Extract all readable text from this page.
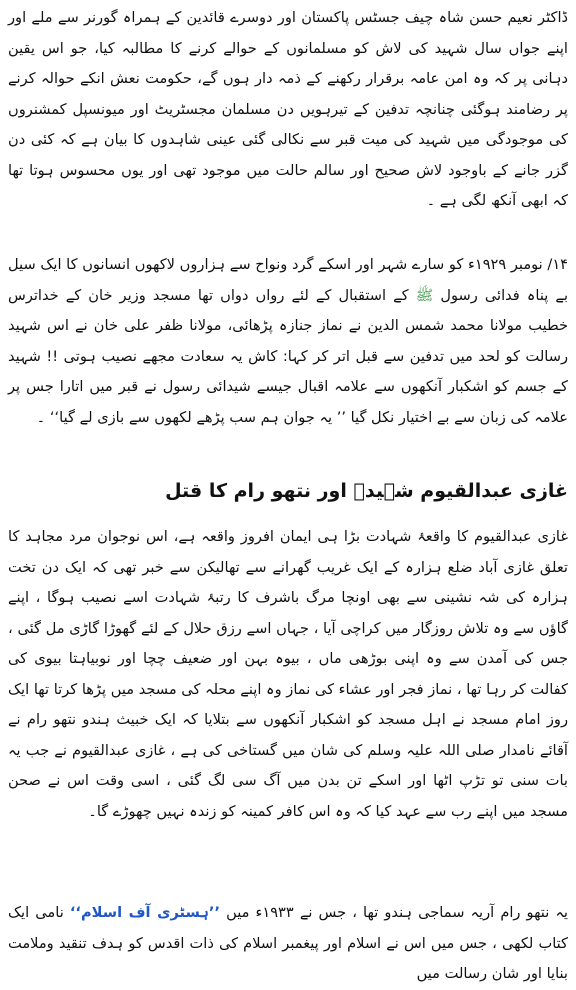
ڈاکٹر نعیم حسن شاہ چیف جسٹس پاکستان اور دوسرے قائدین کے ہمراہ گورنر سے ملے اور اپنے جواں سال شہید کی لاش کو مسلمانوں کے حوالے کرنے کا مطالبہ کیا، جو اس یقین دہانی پر کہ وہ امن عامہ برقرار رکھنے کے ذمہ دار ہوں گے، حکومت نعش انکے حوالہ کرنے پر رضامند ہوگئی چنانچہ تدفین کے تیرہویں دن مسلمان مجسٹریٹ اور میونسپل کمشنروں کی موجودگی میں شہید کی میت قبر سے نکالی گئی عینی شاہدوں کا بیان ہے کہ کئی دن گزر جانے کے باوجود لاش صحیح اور سالم حالت میں موجود تھی اور یوں محسوس ہوتا تھا کہ ابھی آنکھ لگی ہے ۔

۱۴/ نومبر ۱۹۲۹ء کو سارے شہر اور اسکے گرد ونواح سے ہزاروں لاکھوں انسانوں کا ایک سیل بے پناہ فدائی رسول ﷺ کے استقبال کے لئے رواں دواں تھا مسجد وزیر خان کے خداترس خطیب مولانا محمد شمس الدین نے نماز جنازہ پڑھائی، مولانا ظفر علی خان نے اس شہید رسالت کو لحد میں تدفین سے قبل اتر کر کہا: کاش یہ سعادت مجھے نصیب ہوتی !! شہید کے جسم کو اشکبار آنکھوں سے علامہ اقبال جیسے شیدائی رسول نے قبر میں اتارا جس پر علامہ کی زبان سے بے اختیار نکل گیا ’’ یہ جوان ہم سب پڑھے لکھوں سے بازی لے گیا‘‘ ۔

غازی عبدالقیوم شہیدؒ اور نتھو رام کا قتل

غازی عبدالقیوم کا واقعۂ شہادت بڑا ہی ایمان افروز واقعہ ہے، اس نوجوان مرد مجاہد کا تعلق غازی آباد ضلع ہزارہ کے ایک غریب گھرانے سے تھالیکن سے خبر تھی کہ ایک دن تخت ہزارہ کی شہ نشینی سے بھی اونچا مرگ باشرف کا رتبۂ شہادت اسے نصیب ہوگا ، اپنے گاؤں سے وہ تلاش روزگار میں کراچی آیا ، جہاں اسے رزق حلال کے لئے گھوڑا گاڑی مل گئی ، جس کی آمدن سے وہ اپنی بوڑھی ماں ، بیوہ بہن اور ضعیف چچا اور نوبیاہتا بیوی کی کفالت کر رہا تھا ، نماز فجر اور عشاء کی نماز وہ اپنے محلہ کی مسجد میں پڑھا کرتا تھا ایک روز امام مسجد نے اہل مسجد کو اشکبار آنکھوں سے بتلایا کہ ایک خبیث ہندو نتھو رام نے آقائے نامدار صلی اللہ علیہ وسلم کی شان میں گستاخی کی ہے ، غازی عبدالقیوم نے جب یہ بات سنی تو تڑپ اٹھا اور اسکے تن بدن میں آگ سی لگ گئی ، اسی وقت اس نے صحن مسجد میں اپنے رب سے عہد کیا کہ وہ اس کافر کمینہ کو زندہ نہیں چھوڑے گا۔

یہ نتھو رام آریہ سماجی ہندو تھا ، جس نے ۱۹۳۳ء میں ’’ہسٹری آف اسلام‘‘ نامی ایک کتاب لکھی ، جس میں اس نے اسلام اور پیغمبر اسلام کی ذات اقدس کو ہدف تنقید وملامت بنایا اور شان رسالت میں
